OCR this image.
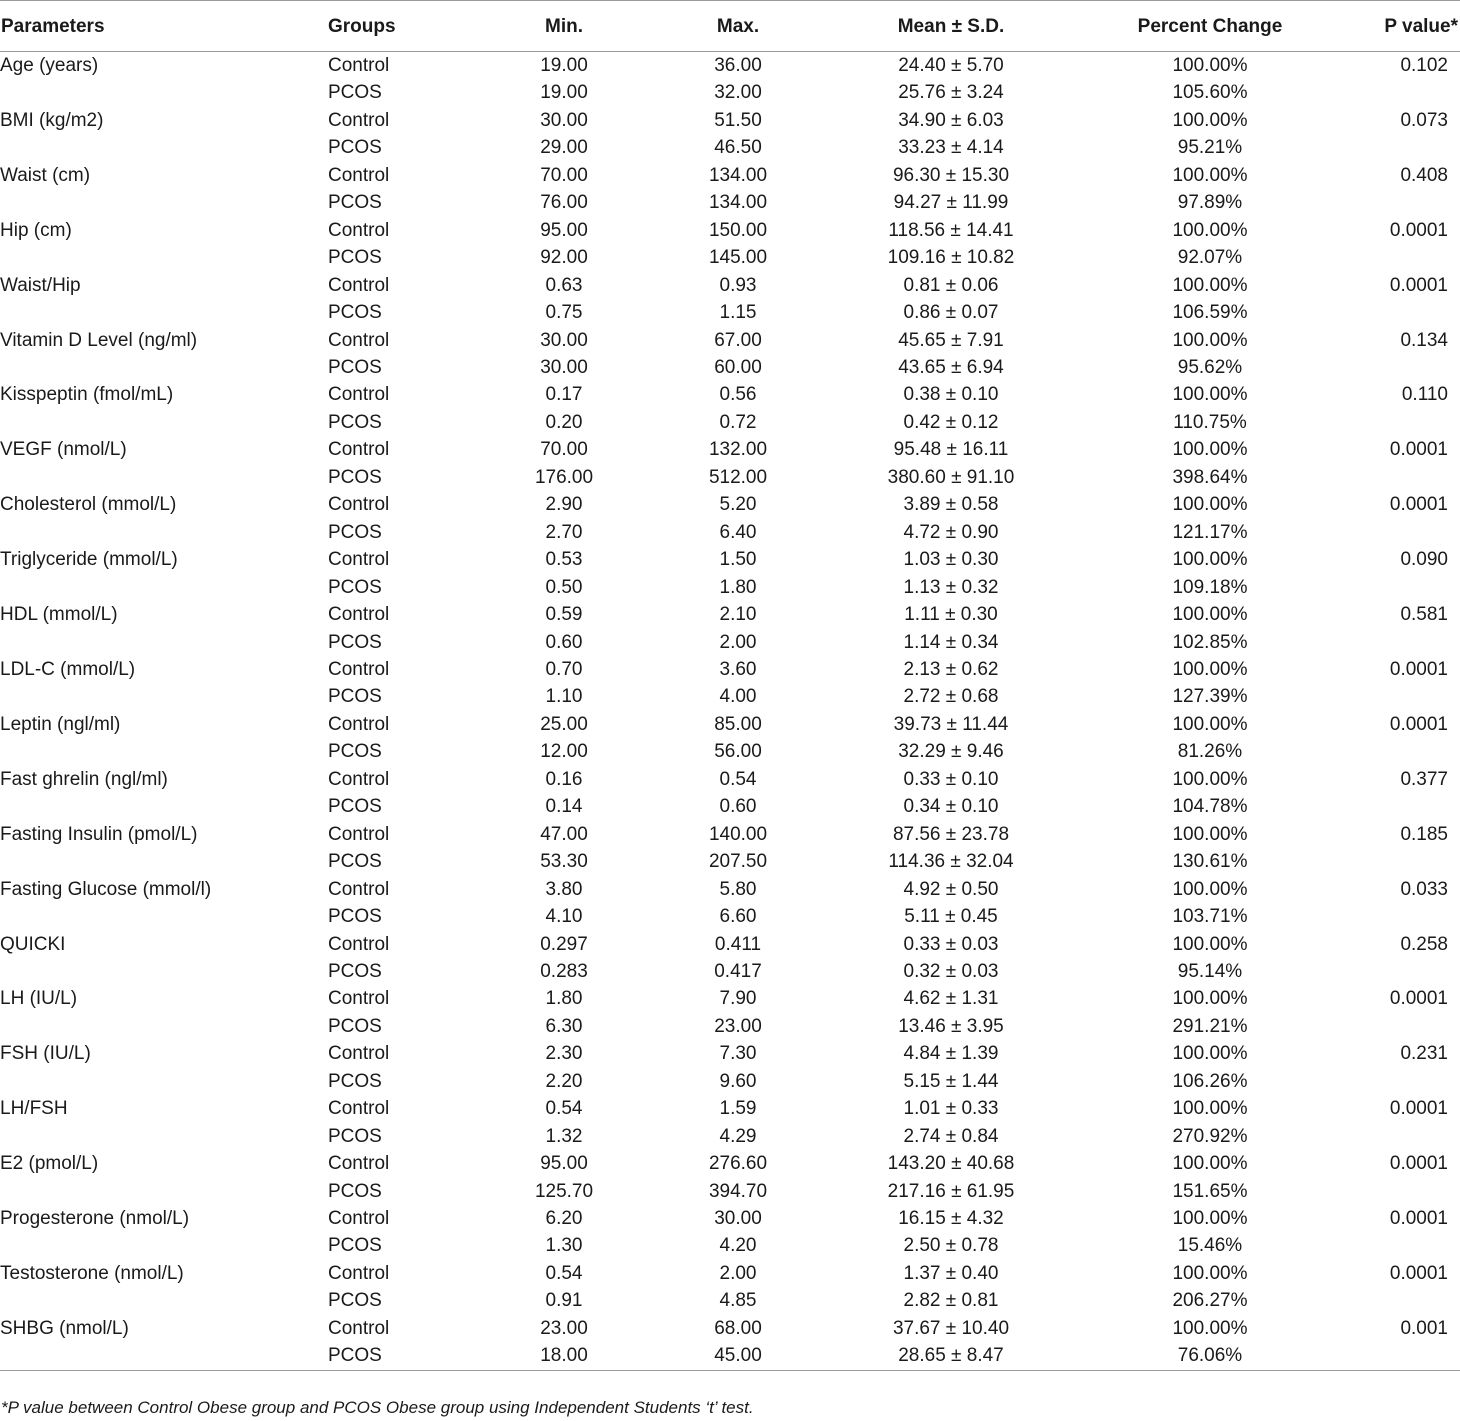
Parameters	Groups	Min.	Max.	Mean ± S.D.	Percent Change	P value*
Age (years)	Control	19.00	36.00	24.40 ± 5.70	100.00%	0.102
	PCOS	19.00	32.00	25.76 ± 3.24	105.60%	
BMI (kg/m2)	Control	30.00	51.50	34.90 ± 6.03	100.00%	0.073
	PCOS	29.00	46.50	33.23 ± 4.14	95.21%	
Waist (cm)	Control	70.00	134.00	96.30 ± 15.30	100.00%	0.408
	PCOS	76.00	134.00	94.27 ± 11.99	97.89%	
Hip (cm)	Control	95.00	150.00	118.56 ± 14.41	100.00%	0.0001
	PCOS	92.00	145.00	109.16 ± 10.82	92.07%	
Waist/Hip	Control	0.63	0.93	0.81 ± 0.06	100.00%	0.0001
	PCOS	0.75	1.15	0.86 ± 0.07	106.59%	
Vitamin D Level (ng/ml)	Control	30.00	67.00	45.65 ± 7.91	100.00%	0.134
	PCOS	30.00	60.00	43.65 ± 6.94	95.62%	
Kisspeptin (fmol/mL)	Control	0.17	0.56	0.38 ± 0.10	100.00%	0.110
	PCOS	0.20	0.72	0.42 ± 0.12	110.75%	
VEGF (nmol/L)	Control	70.00	132.00	95.48 ± 16.11	100.00%	0.0001
	PCOS	176.00	512.00	380.60 ± 91.10	398.64%	
Cholesterol (mmol/L)	Control	2.90	5.20	3.89 ± 0.58	100.00%	0.0001
	PCOS	2.70	6.40	4.72 ± 0.90	121.17%	
Triglyceride (mmol/L)	Control	0.53	1.50	1.03 ± 0.30	100.00%	0.090
	PCOS	0.50	1.80	1.13 ± 0.32	109.18%	
HDL (mmol/L)	Control	0.59	2.10	1.11 ± 0.30	100.00%	0.581
	PCOS	0.60	2.00	1.14 ± 0.34	102.85%	
LDL-C (mmol/L)	Control	0.70	3.60	2.13 ± 0.62	100.00%	0.0001
	PCOS	1.10	4.00	2.72 ± 0.68	127.39%	
Leptin (ngl/ml)	Control	25.00	85.00	39.73 ± 11.44	100.00%	0.0001
	PCOS	12.00	56.00	32.29 ± 9.46	81.26%	
Fast ghrelin (ngl/ml)	Control	0.16	0.54	0.33 ± 0.10	100.00%	0.377
	PCOS	0.14	0.60	0.34 ± 0.10	104.78%	
Fasting Insulin (pmol/L)	Control	47.00	140.00	87.56 ± 23.78	100.00%	0.185
	PCOS	53.30	207.50	114.36 ± 32.04	130.61%	
Fasting Glucose (mmol/l)	Control	3.80	5.80	4.92 ± 0.50	100.00%	0.033
	PCOS	4.10	6.60	5.11 ± 0.45	103.71%	
QUICKI	Control	0.297	0.411	0.33 ± 0.03	100.00%	0.258
	PCOS	0.283	0.417	0.32 ± 0.03	95.14%	
LH (IU/L)	Control	1.80	7.90	4.62 ± 1.31	100.00%	0.0001
	PCOS	6.30	23.00	13.46 ± 3.95	291.21%	
FSH (IU/L)	Control	2.30	7.30	4.84 ± 1.39	100.00%	0.231
	PCOS	2.20	9.60	5.15 ± 1.44	106.26%	
LH/FSH	Control	0.54	1.59	1.01 ± 0.33	100.00%	0.0001
	PCOS	1.32	4.29	2.74 ± 0.84	270.92%	
E2 (pmol/L)	Control	95.00	276.60	143.20 ± 40.68	100.00%	0.0001
	PCOS	125.70	394.70	217.16 ± 61.95	151.65%	
Progesterone (nmol/L)	Control	6.20	30.00	16.15 ± 4.32	100.00%	0.0001
	PCOS	1.30	4.20	2.50 ± 0.78	15.46%	
Testosterone (nmol/L)	Control	0.54	2.00	1.37 ± 0.40	100.00%	0.0001
	PCOS	0.91	4.85	2.82 ± 0.81	206.27%	
SHBG (nmol/L)	Control	23.00	68.00	37.67 ± 10.40	100.00%	0.001
	PCOS	18.00	45.00	28.65 ± 8.47	76.06%	
*P value between Control Obese group and PCOS Obese group using Independent Students ‘t’ test.
